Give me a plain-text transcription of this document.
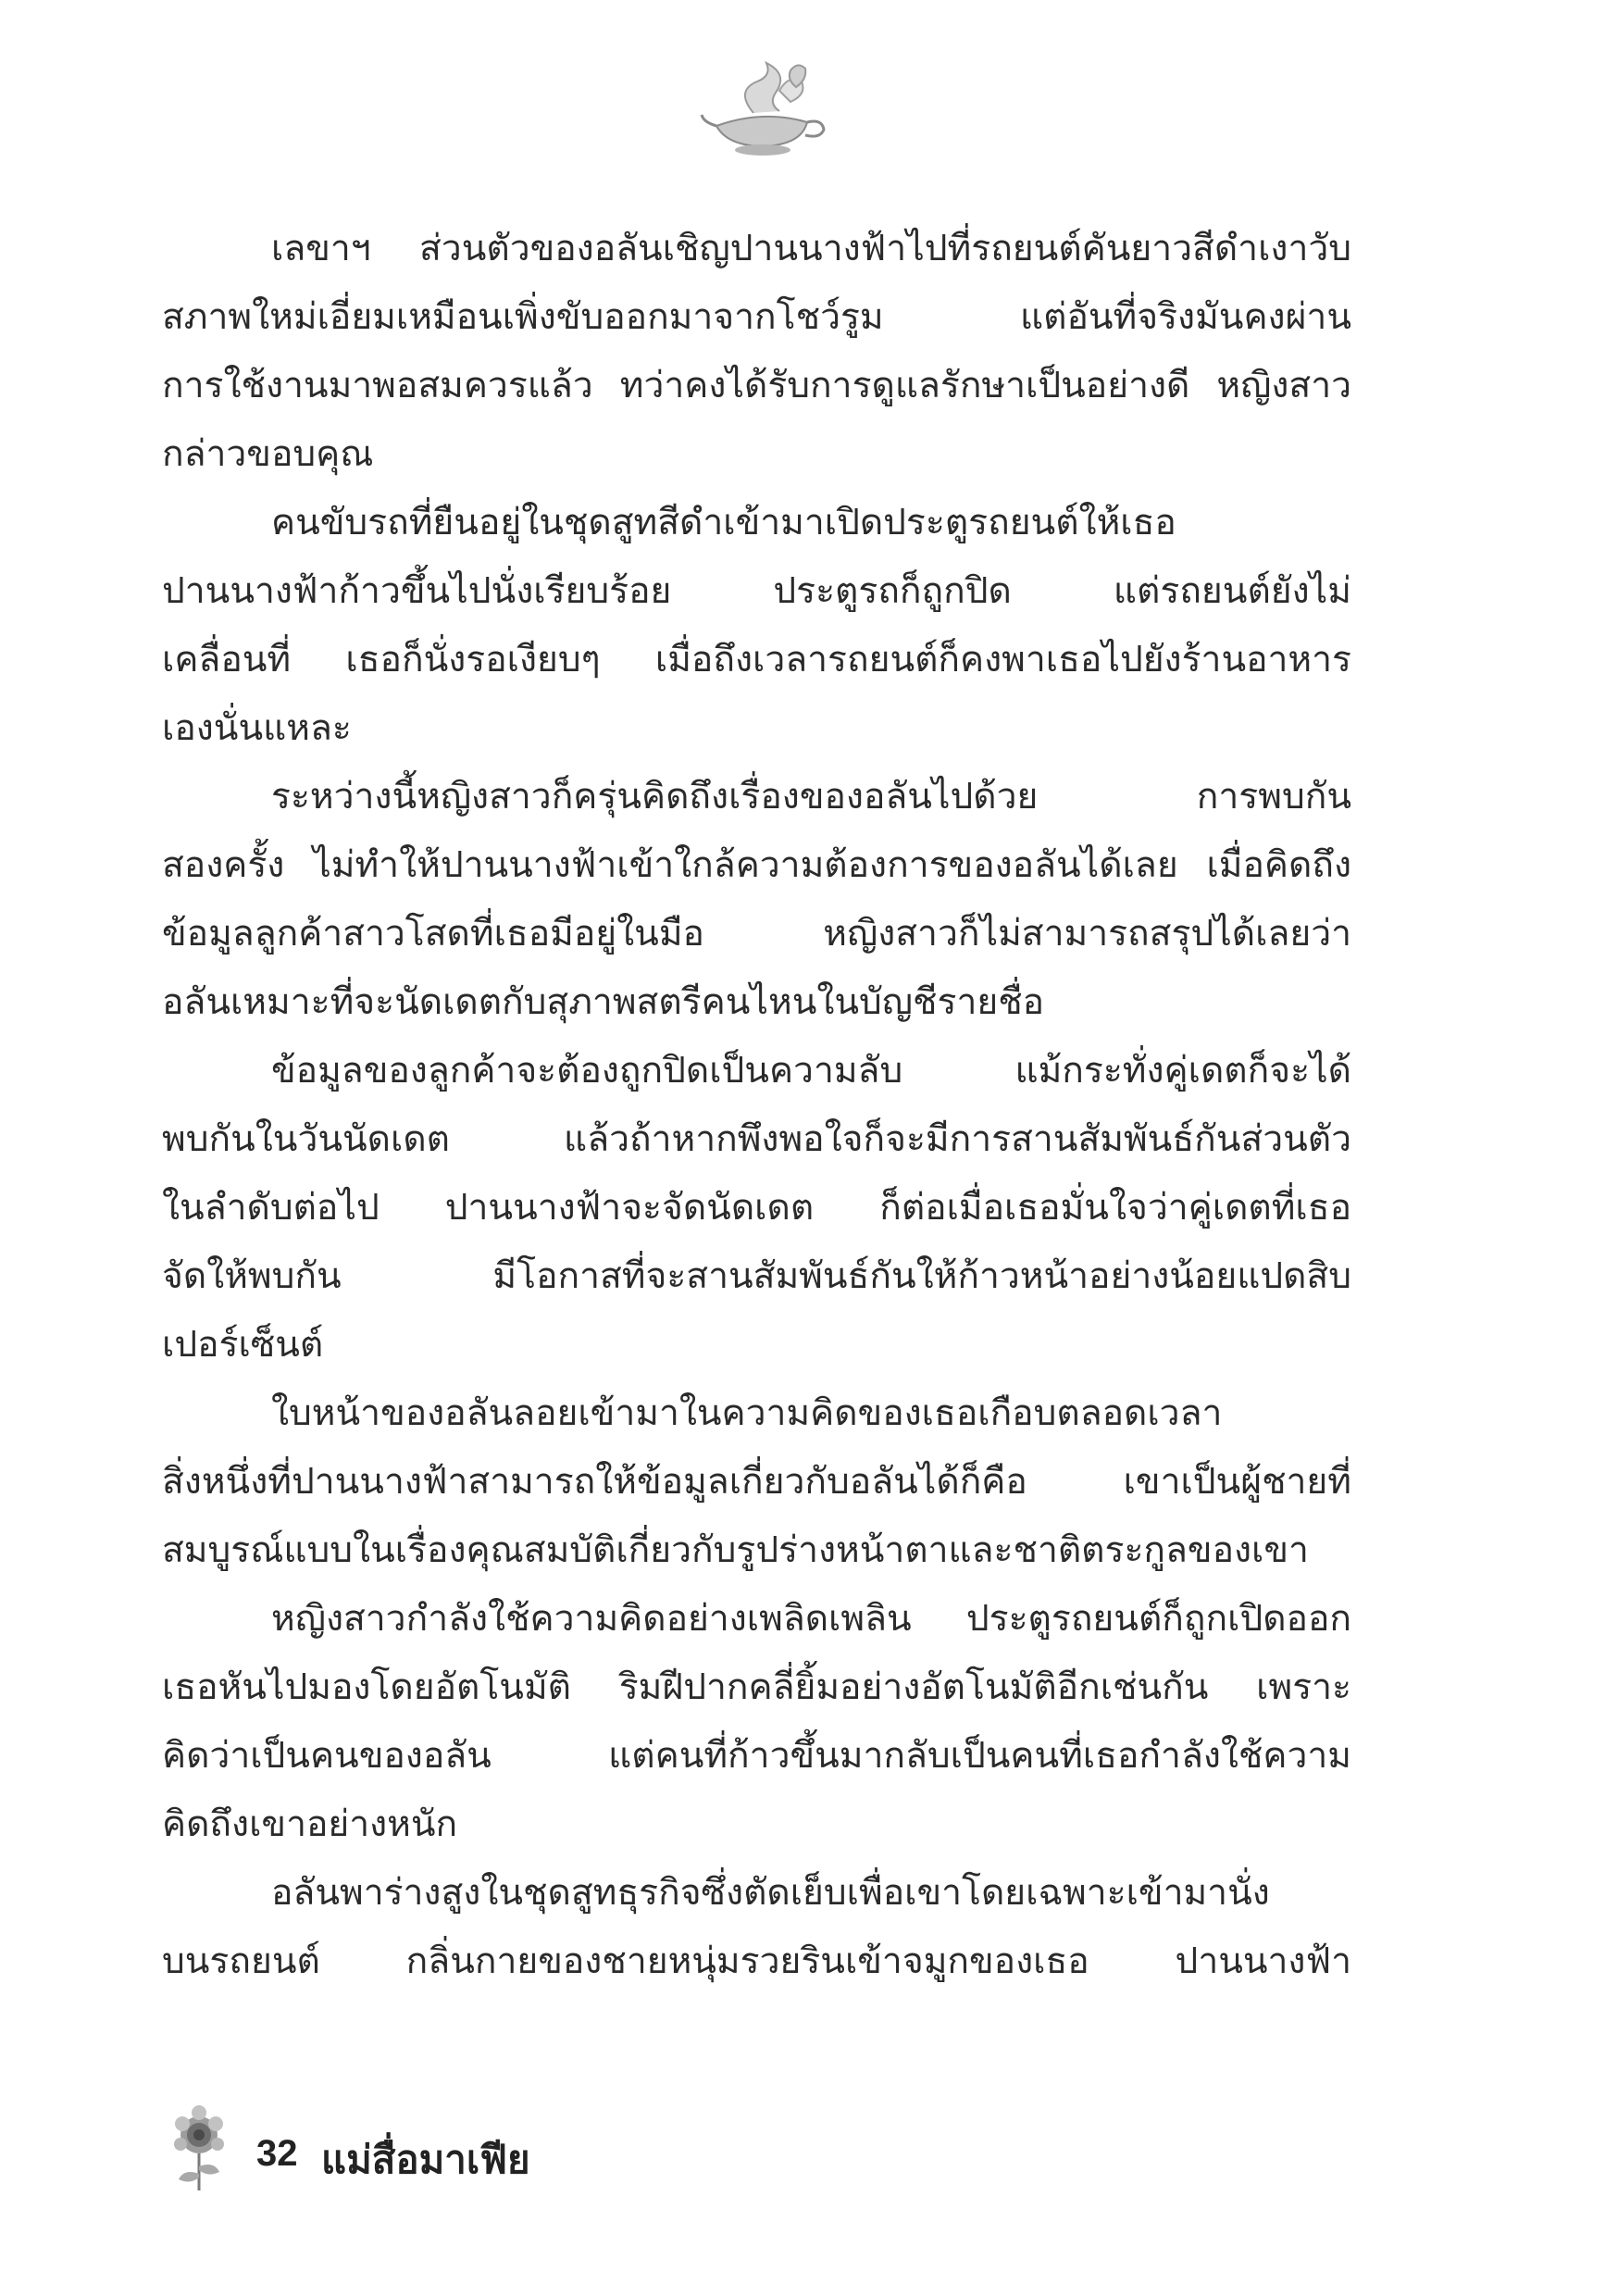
เลขาฯ ส่วนตัวของอลันเชิญปานนางฟ้าไปที่รถยนต์คันยาวสีดำเงาวับ
สภาพใหม่เอี่ยมเหมือนเพิ่งขับออกมาจากโชว์รูม แต่อันที่จริงมันคงผ่าน
การใช้งานมาพอสมควรแล้ว ทว่าคงได้รับการดูแลรักษาเป็นอย่างดี หญิงสาว
กล่าวขอบคุณ
คนขับรถที่ยืนอยู่ในชุดสูทสีดำเข้ามาเปิดประตูรถยนต์ให้เธอ
ปานนางฟ้าก้าวขึ้นไปนั่งเรียบร้อย ประตูรถก็ถูกปิด แต่รถยนต์ยังไม่
เคลื่อนที่ เธอก็นั่งรอเงียบๆ เมื่อถึงเวลารถยนต์ก็คงพาเธอไปยังร้านอาหาร
เองนั่นแหละ
ระหว่างนี้หญิงสาวก็ครุ่นคิดถึงเรื่องของอลันไปด้วย การพบกัน
สองครั้ง ไม่ทำให้ปานนางฟ้าเข้าใกล้ความต้องการของอลันได้เลย เมื่อคิดถึง
ข้อมูลลูกค้าสาวโสดที่เธอมีอยู่ในมือ หญิงสาวก็ไม่สามารถสรุปได้เลยว่า
อลันเหมาะที่จะนัดเดตกับสุภาพสตรีคนไหนในบัญชีรายชื่อ
ข้อมูลของลูกค้าจะต้องถูกปิดเป็นความลับ แม้กระทั่งคู่เดตก็จะได้
พบกันในวันนัดเดต แล้วถ้าหากพึงพอใจก็จะมีการสานสัมพันธ์กันส่วนตัว
ในลำดับต่อไป ปานนางฟ้าจะจัดนัดเดต ก็ต่อเมื่อเธอมั่นใจว่าคู่เดตที่เธอ
จัดให้พบกัน มีโอกาสที่จะสานสัมพันธ์กันให้ก้าวหน้าอย่างน้อยแปดสิบ
เปอร์เซ็นต์
ใบหน้าของอลันลอยเข้ามาในความคิดของเธอเกือบตลอดเวลา
สิ่งหนึ่งที่ปานนางฟ้าสามารถให้ข้อมูลเกี่ยวกับอลันได้ก็คือ เขาเป็นผู้ชายที่
สมบูรณ์แบบในเรื่องคุณสมบัติเกี่ยวกับรูปร่างหน้าตาและชาติตระกูลของเขา
หญิงสาวกำลังใช้ความคิดอย่างเพลิดเพลิน ประตูรถยนต์ก็ถูกเปิดออก
เธอหันไปมองโดยอัตโนมัติ ริมฝีปากคลี่ยิ้มอย่างอัตโนมัติอีกเช่นกัน เพราะ
คิดว่าเป็นคนของอลัน แต่คนที่ก้าวขึ้นมากลับเป็นคนที่เธอกำลังใช้ความ
คิดถึงเขาอย่างหนัก
อลันพาร่างสูงในชุดสูทธุรกิจซึ่งตัดเย็บเพื่อเขาโดยเฉพาะเข้ามานั่ง
บนรถยนต์ กลิ่นกายของชายหนุ่มรวยรินเข้าจมูกของเธอ ปานนางฟ้า
32 แม่สื่อมาเฟีย
